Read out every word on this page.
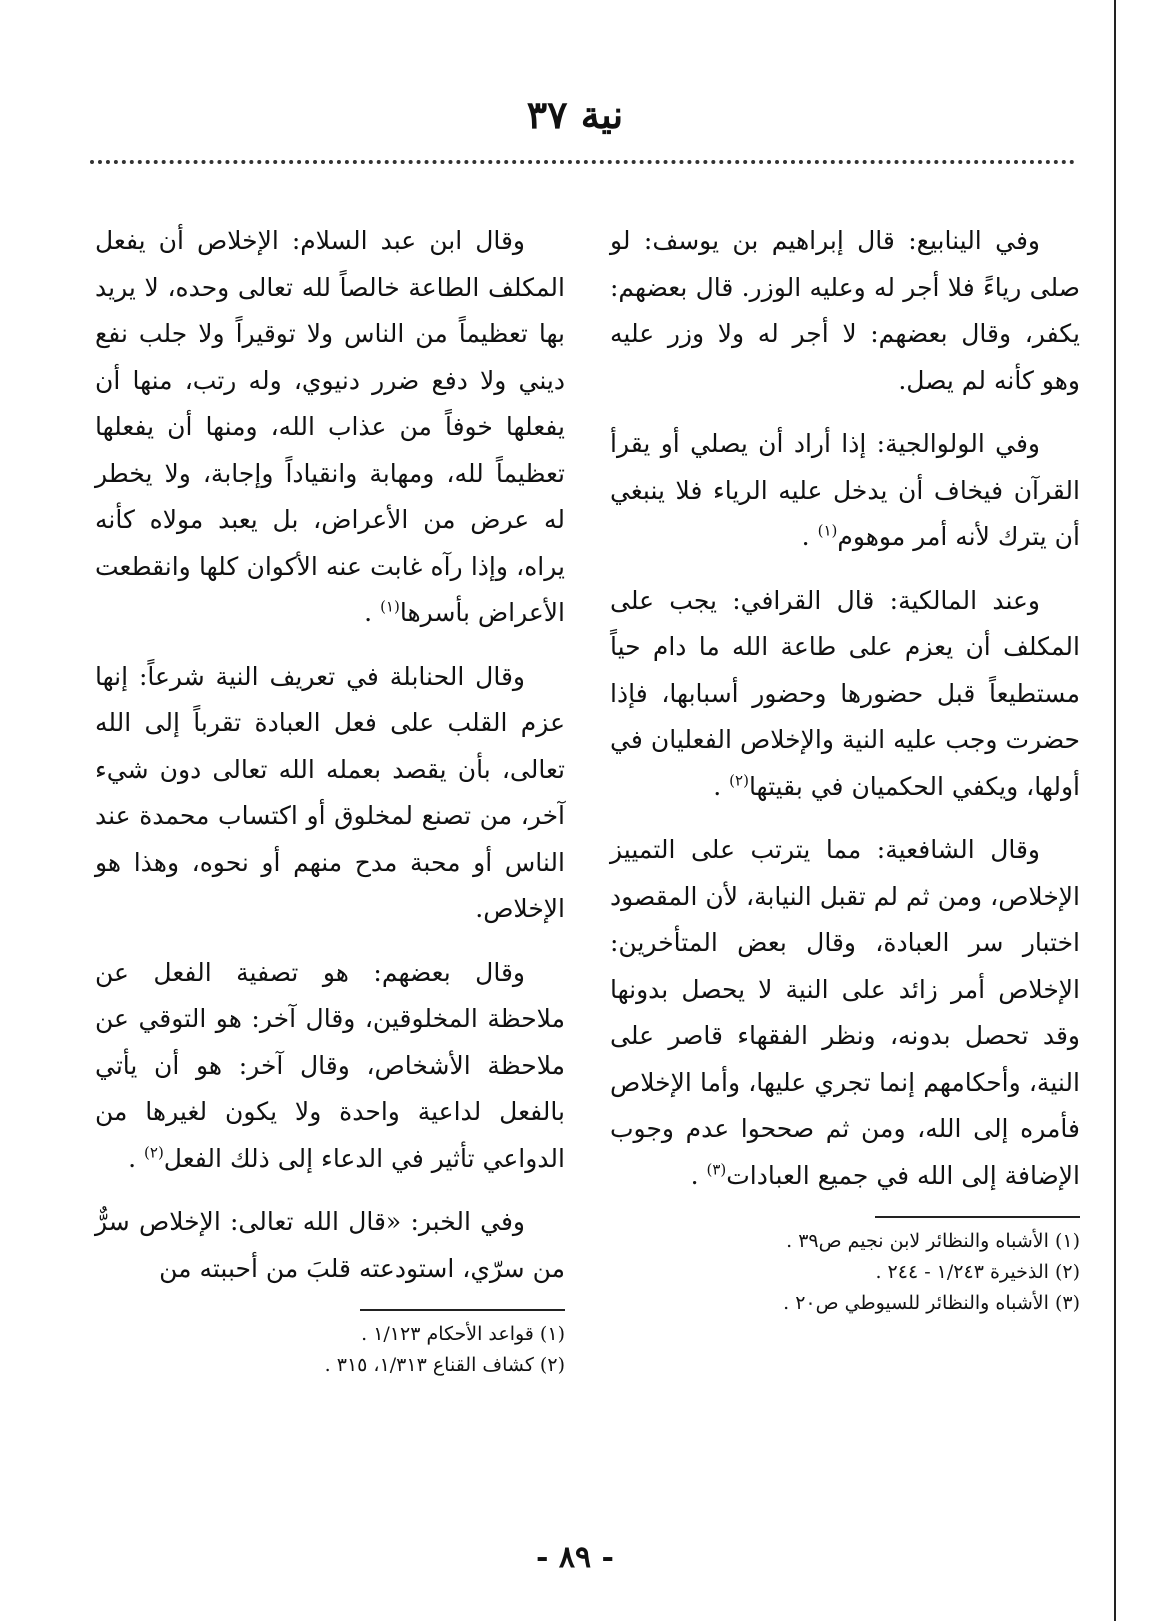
نية ٣٧

وفي الينابيع: قال إبراهيم بن يوسف: لو صلى رياءً فلا أجر له وعليه الوزر. قال بعضهم: يكفر، وقال بعضهم: لا أجر له ولا وزر عليه وهو كأنه لم يصل.

وفي الولوالجية: إذا أراد أن يصلي أو يقرأ القرآن فيخاف أن يدخل عليه الرياء فلا ينبغي أن يترك لأنه أمر موهوم$^{(١)}$ .

وعند المالكية: قال القرافي: يجب على المكلف أن يعزم على طاعة الله ما دام حياً مستطيعاً قبل حضورها وحضور أسبابها، فإذا حضرت وجب عليه النية والإخلاص الفعليان في أولها، ويكفي الحكميان في بقيتها$^{(٢)}$ .

وقال الشافعية: مما يترتب على التمييز الإخلاص، ومن ثم لم تقبل النيابة، لأن المقصود اختبار سر العبادة، وقال بعض المتأخرين: الإخلاص أمر زائد على النية لا يحصل بدونها وقد تحصل بدونه، ونظر الفقهاء قاصر على النية، وأحكامهم إنما تجري عليها، وأما الإخلاص فأمره إلى الله، ومن ثم صححوا عدم وجوب الإضافة إلى الله في جميع العبادات$^{(٣)}$ .

(١) الأشباه والنظائر لابن نجيم ص٣٩ .
(٢) الذخيرة ١/٢٤٣ - ٢٤٤ .
(٣) الأشباه والنظائر للسيوطي ص٢٠ .

وقال ابن عبد السلام: الإخلاص أن يفعل المكلف الطاعة خالصاً لله تعالى وحده، لا يريد بها تعظيماً من الناس ولا توقيراً ولا جلب نفع ديني ولا دفع ضرر دنيوي، وله رتب، منها أن يفعلها خوفاً من عذاب الله، ومنها أن يفعلها تعظيماً لله، ومهابة وانقياداً وإجابة، ولا يخطر له عرض من الأعراض، بل يعبد مولاه كأنه يراه، وإذا رآه غابت عنه الأكوان كلها وانقطعت الأعراض بأسرها$^{(١)}$ .

وقال الحنابلة في تعريف النية شرعاً: إنها عزم القلب على فعل العبادة تقرباً إلى الله تعالى، بأن يقصد بعمله الله تعالى دون شيء آخر، من تصنع لمخلوق أو اكتساب محمدة عند الناس أو محبة مدح منهم أو نحوه، وهذا هو الإخلاص.

وقال بعضهم: هو تصفية الفعل عن ملاحظة المخلوقين، وقال آخر: هو التوقي عن ملاحظة الأشخاص، وقال آخر: هو أن يأتي بالفعل لداعية واحدة ولا يكون لغيرها من الدواعي تأثير في الدعاء إلى ذلك الفعل$^{(٢)}$ .

وفي الخبر: «قال الله تعالى: الإخلاص سرٌّ من سرّي، استودعته قلبَ من أحببته من

(١) قواعد الأحكام ١/١٢٣ .
(٢) كشاف القناع ١/٣١٣، ٣١٥ .
- ٨٩ -
